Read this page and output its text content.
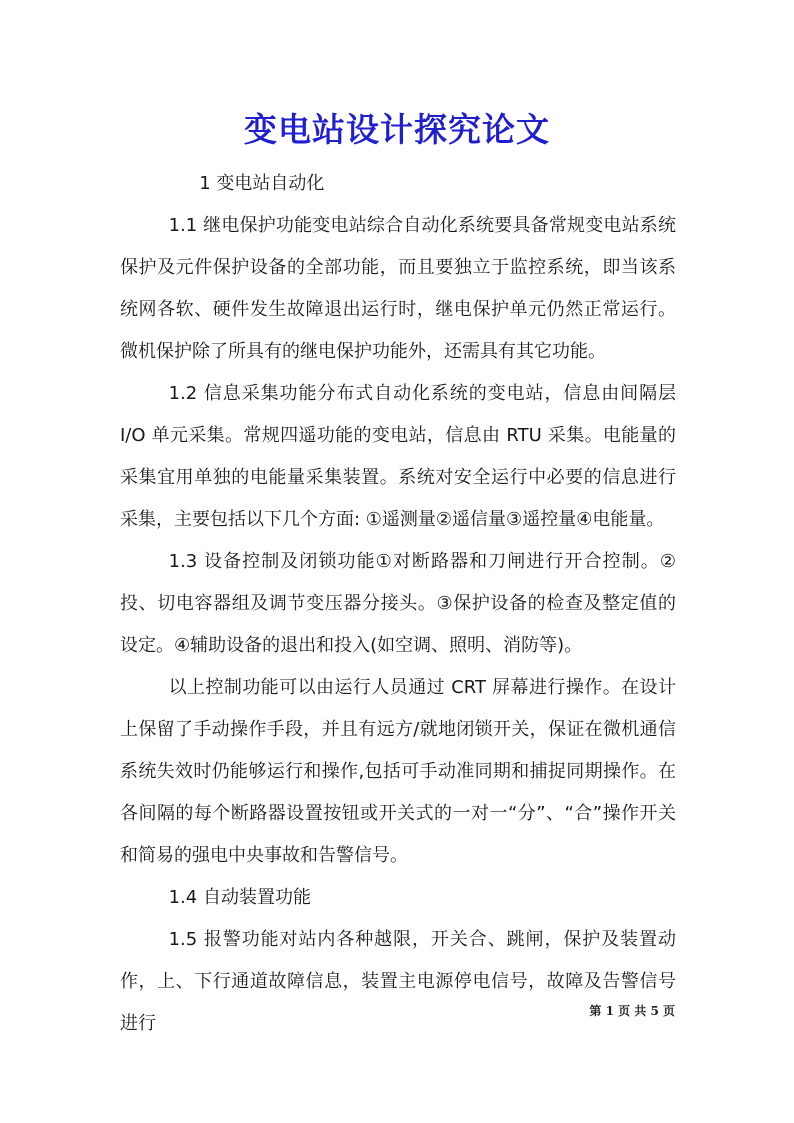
变电站设计探究论文

1 变电站自动化

1.1 继电保护功能变电站综合自动化系统要具备常规变电站系统保护及元件保护设备的全部功能，而且要独立于监控系统，即当该系统网各软、硬件发生故障退出运行时，继电保护单元仍然正常运行。微机保护除了所具有的继电保护功能外，还需具有其它功能。

1.2 信息采集功能分布式自动化系统的变电站，信息由间隔层I/O 单元采集。常规四遥功能的变电站，信息由 RTU 采集。电能量的采集宜用单独的电能量采集装置。系统对安全运行中必要的信息进行采集，主要包括以下几个方面: ①遥测量②遥信量③遥控量④电能量。

1.3 设备控制及闭锁功能①对断路器和刀闸进行开合控制。②投、切电容器组及调节变压器分接头。③保护设备的检查及整定值的设定。④辅助设备的退出和投入(如空调、照明、消防等)。

以上控制功能可以由运行人员通过 CRT 屏幕进行操作。在设计上保留了手动操作手段，并且有远方/就地闭锁开关，保证在微机通信系统失效时仍能够运行和操作,包括可手动准同期和捕捉同期操作。在各间隔的每个断路器设置按钮或开关式的一对一“分”、“合”操作开关和简易的强电中央事故和告警信号。

1.4 自动装置功能

1.5 报警功能对站内各种越限，开关合、跳闸，保护及装置动作，上、下行通道故障信息，装置主电源停电信号，故障及告警信号进行

第 1 页 共 5 页
